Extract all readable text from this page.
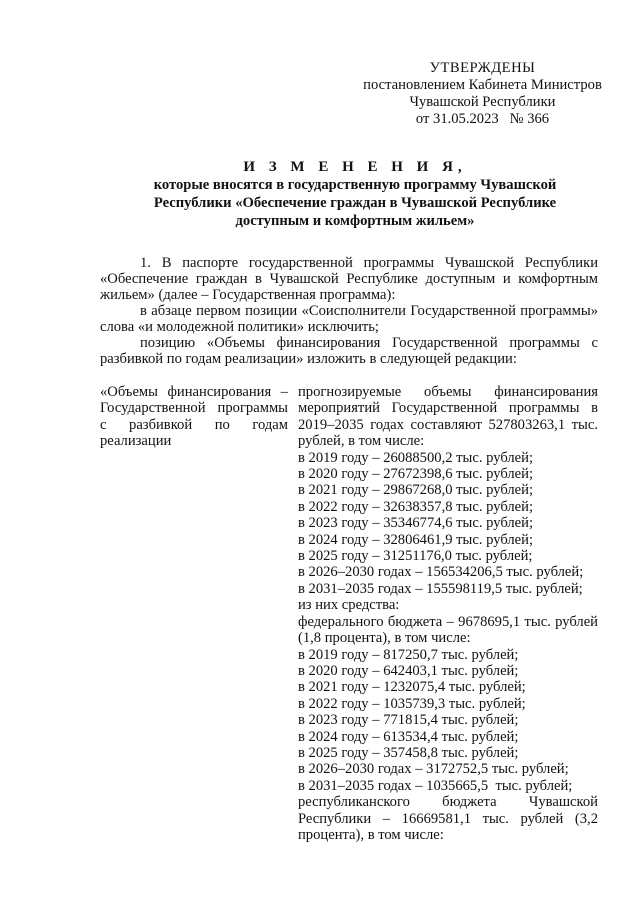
УТВЕРЖДЕНЫ
постановлением Кабинета Министров
Чувашской Республики
от 31.05.2023   № 366
И З М Е Н Е Н И Я,
которые вносятся в государственную программу Чувашской
Республики «Обеспечение граждан в Чувашской Республике
доступным и комфортным жильем»

1. В паспорте государственной программы Чувашской Республики «Обеспечение граждан в Чувашской Республике доступным и комфортным жильем» (далее – Государственная программа):

в абзаце первом позиции «Соисполнители Государственной программы» слова «и молодежной политики» исключить;

позицию «Объемы финансирования Государственной программы с разбивкой по годам реализации» изложить в следующей редакции:

«Объемы финансирования – Государственной программы с разбивкой по годам реализации
прогнозируемые объемы финансирования мероприятий Государственной программы в 2019–2035 годах составляют 527803263,1 тыс. рублей, в том числе:
в 2019 году – 26088500,2 тыс. рублей;
в 2020 году – 27672398,6 тыс. рублей;
в 2021 году – 29867268,0 тыс. рублей;
в 2022 году – 32638357,8 тыс. рублей;
в 2023 году – 35346774,6 тыс. рублей;
в 2024 году – 32806461,9 тыс. рублей;
в 2025 году – 31251176,0 тыс. рублей;
в 2026–2030 годах – 156534206,5 тыс. рублей;
в 2031–2035 годах – 155598119,5 тыс. рублей;
из них средства:
федерального бюджета – 9678695,1 тыс. рублей (1,8 процента), в том числе:
в 2019 году – 817250,7 тыс. рублей;
в 2020 году – 642403,1 тыс. рублей;
в 2021 году – 1232075,4 тыс. рублей;
в 2022 году – 1035739,3 тыс. рублей;
в 2023 году – 771815,4 тыс. рублей;
в 2024 году – 613534,4 тыс. рублей;
в 2025 году – 357458,8 тыс. рублей;
в 2026–2030 годах – 3172752,5 тыс. рублей;
в 2031–2035 годах – 1035665,5  тыс. рублей;
республиканского бюджета Чувашской Республики – 16669581,1 тыс. рублей (3,2 процента), в том числе:
